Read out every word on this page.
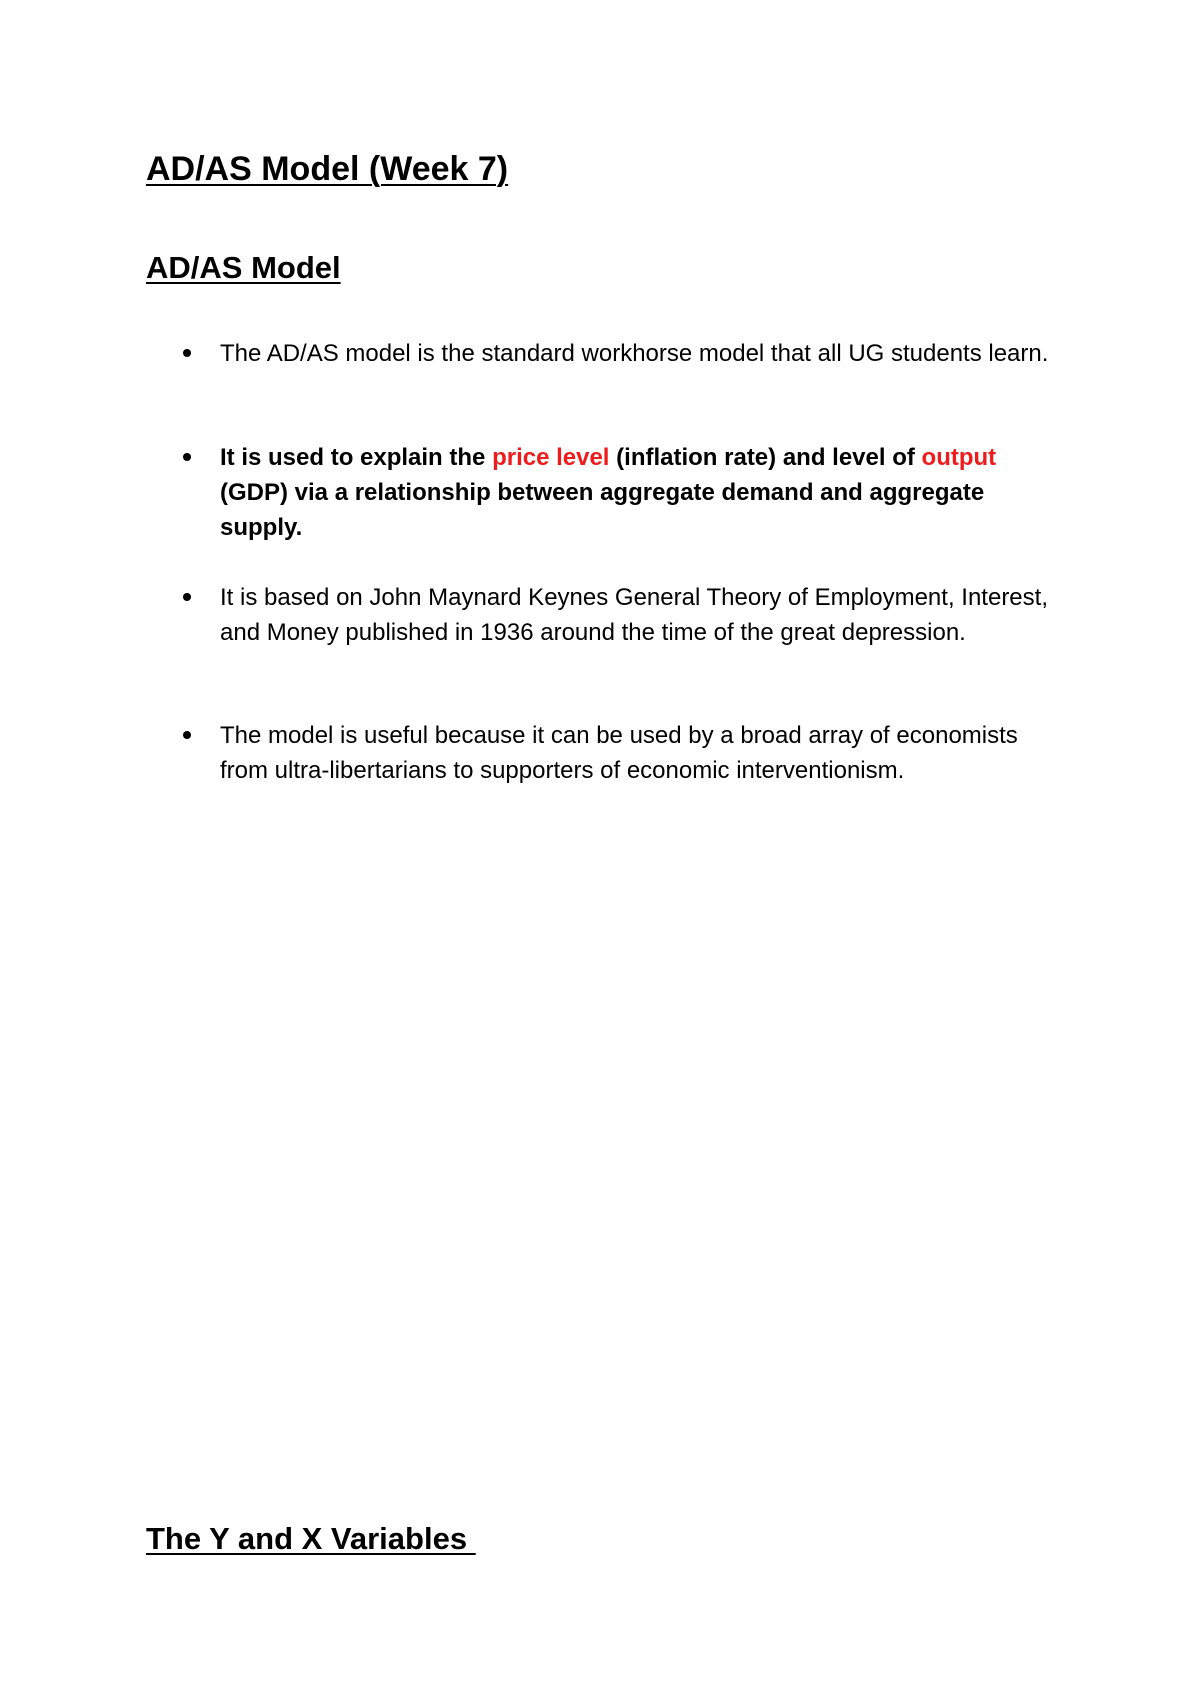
AD/AS Model (Week 7)
AD/AS Model

The AD/AS model is the standard workhorse model that all UG students learn.

It is used to explain the price level (inflation rate) and level of output (GDP) via a relationship between aggregate demand and aggregate supply.

It is based on John Maynard Keynes General Theory of Employment, Interest, and Money published in 1936 around the time of the great depression.

The model is useful because it can be used by a broad array of economists from ultra-libertarians to supporters of economic interventionism.

The Y and X Variables
